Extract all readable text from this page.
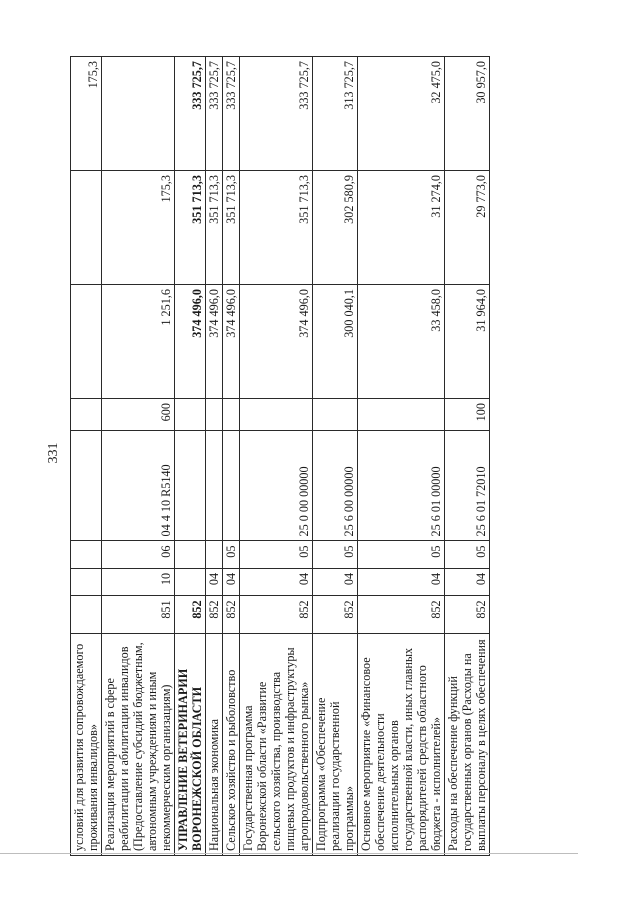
331
условий для развития сопровождаемого проживания инвалидов»								175,3
Реализация мероприятий в сфере реабилитации и абилитации инвалидов (Предоставление субсидий бюджетным, автономным учреждениям и иным некоммерческим организациям)	851	10	06	04 4 10 R5140	600	1 251,6	175,3	
УПРАВЛЕНИЕ ВЕТЕРИНАРИИ ВОРОНЕЖСКОЙ ОБЛАСТИ	852					374 496,0	351 713,3	333 725,7
Национальная экономика	852	04				374 496,0	351 713,3	333 725,7
Сельское хозяйство и рыболовство	852	04	05			374 496,0	351 713,3	333 725,7
Государственная программа Воронежской области «Развитие сельского хозяйства, производства пищевых продуктов и инфраструктуры агропродовольственного рынка»	852	04	05	25 0 00 00000		374 496,0	351 713,3	333 725,7
Подпрограмма «Обеспечение реализации государственной программы»	852	04	05	25 6 00 00000		300 040,1	302 580,9	313 725,7
Основное мероприятие «Финансовое обеспечение деятельности исполнительных органов государственной власти, иных главных распорядителей средств областного бюджета - исполнителей»	852	04	05	25 6 01 00000		33 458,0	31 274,0	32 475,0
Расходы на обеспечение функций государственных органов (Расходы на выплаты персоналу в целях обеспечения	852	04	05	25 6 01 72010	100	31 964,0	29 773,0	30 957,0
